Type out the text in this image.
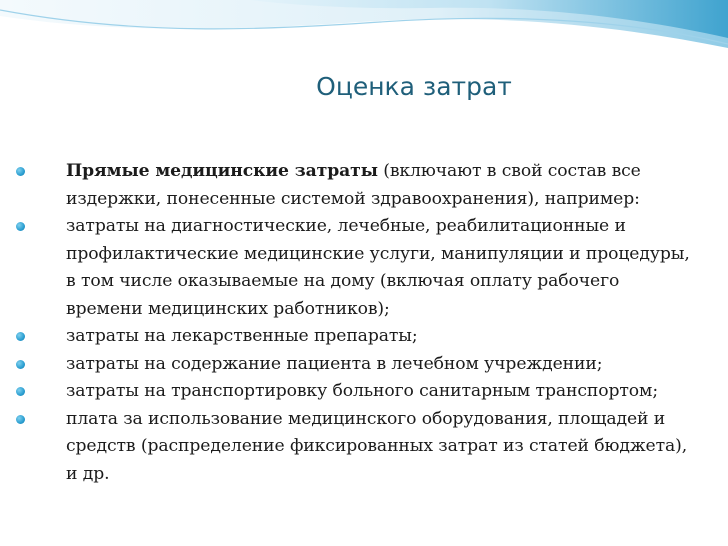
Оценка затрат
Прямые медицинские затраты (включают в свой состав все издержки, понесенные системой здравоохранения), например:
затраты на диагностические, лечебные, реабилитационные и профилактические медицинские услуги, манипуляции и процедуры, в том числе оказываемые на дому (включая оплату рабочего времени медицинских работников);
затраты на лекарственные препараты;
затраты на содержание пациента в лечебном учреждении;
затраты на транспортировку больного санитарным транспортом;
плата за использование медицинского оборудования, площадей и средств (распределение фиксированных затрат из статей бюджета), и др.
